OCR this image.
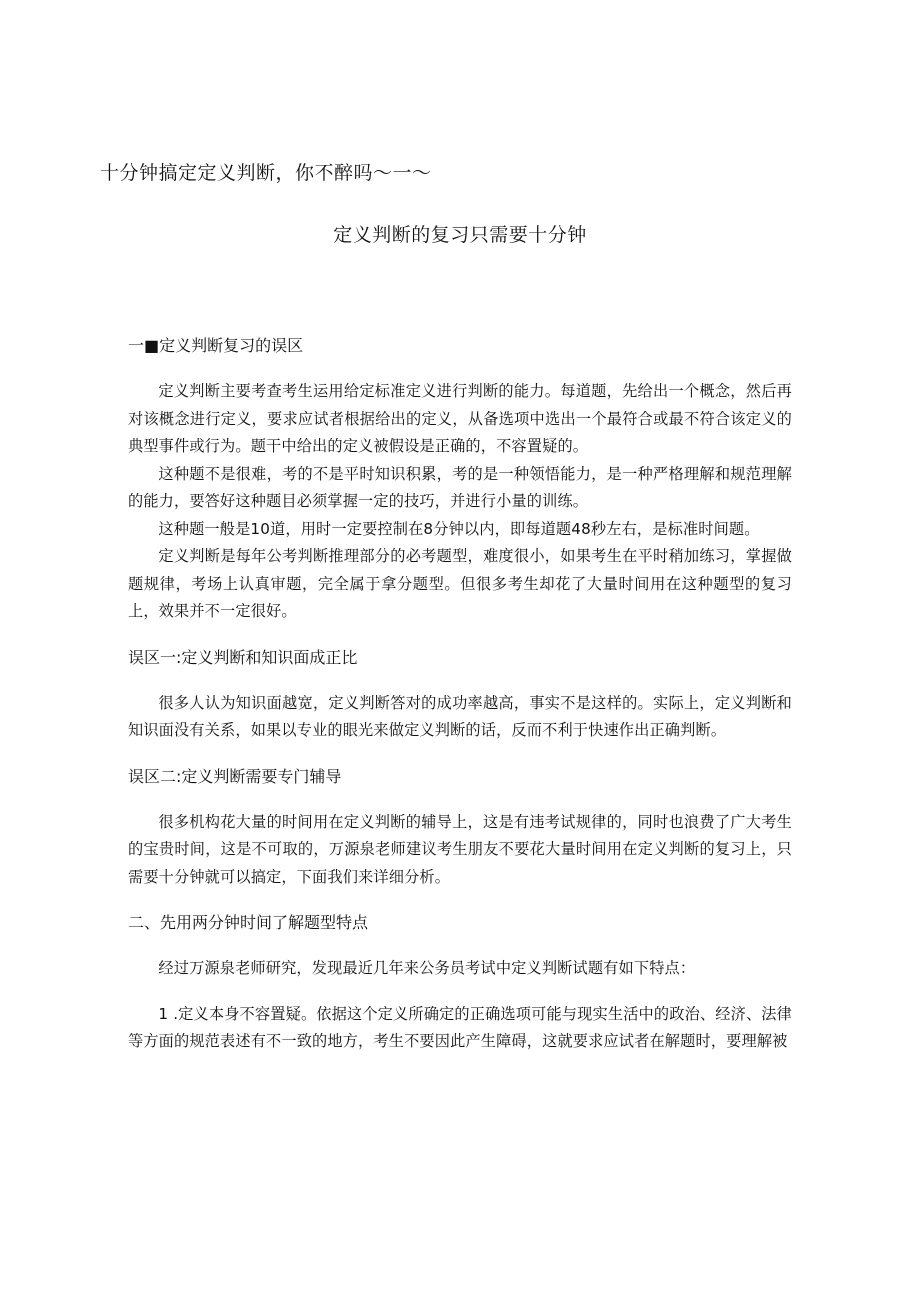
十分钟搞定定义判断，你不醉吗〜一〜
定义判断的复习只需要十分钟

一■定义判断复习的误区

定义判断主要考查考生运用给定标准定义进行判断的能力。每道题，先给出一个概念，然后再对该概念进行定义，要求应试者根据给出的定义，从备选项中选出一个最符合或最不符合该定义的典型事件或行为。题干中给出的定义被假设是正确的，不容置疑的。

这种题不是很难，考的不是平时知识积累，考的是一种领悟能力，是一种严格理解和规范理解的能力，要答好这种题目必须掌握一定的技巧，并进行小量的训练。

这种题一般是10道，用时一定要控制在8分钟以内，即每道题48秒左右，是标准时间题。

定义判断是每年公考判断推理部分的必考题型，难度很小，如果考生在平时稍加练习，掌握做题规律，考场上认真审题，完全属于拿分题型。但很多考生却花了大量时间用在这种题型的复习上，效果并不一定很好。

误区一:定义判断和知识面成正比

很多人认为知识面越宽，定义判断答对的成功率越高，事实不是这样的。实际上，定义判断和知识面没有关系，如果以专业的眼光来做定义判断的话，反而不利于快速作出正确判断。

误区二:定义判断需要专门辅导

很多机构花大量的时间用在定义判断的辅导上，这是有违考试规律的，同时也浪费了广大考生的宝贵时间，这是不可取的，万源泉老师建议考生朋友不要花大量时间用在定义判断的复习上，只需要十分钟就可以搞定，下面我们来详细分析。

二、先用两分钟时间了解题型特点

经过万源泉老师研究，发现最近几年来公务员考试中定义判断试题有如下特点：

1 .定义本身不容置疑。依据这个定义所确定的正确选项可能与现实生活中的政治、经济、法律等方面的规范表述有不一致的地方，考生不要因此产生障碍，这就要求应试者在解题时，要理解被
